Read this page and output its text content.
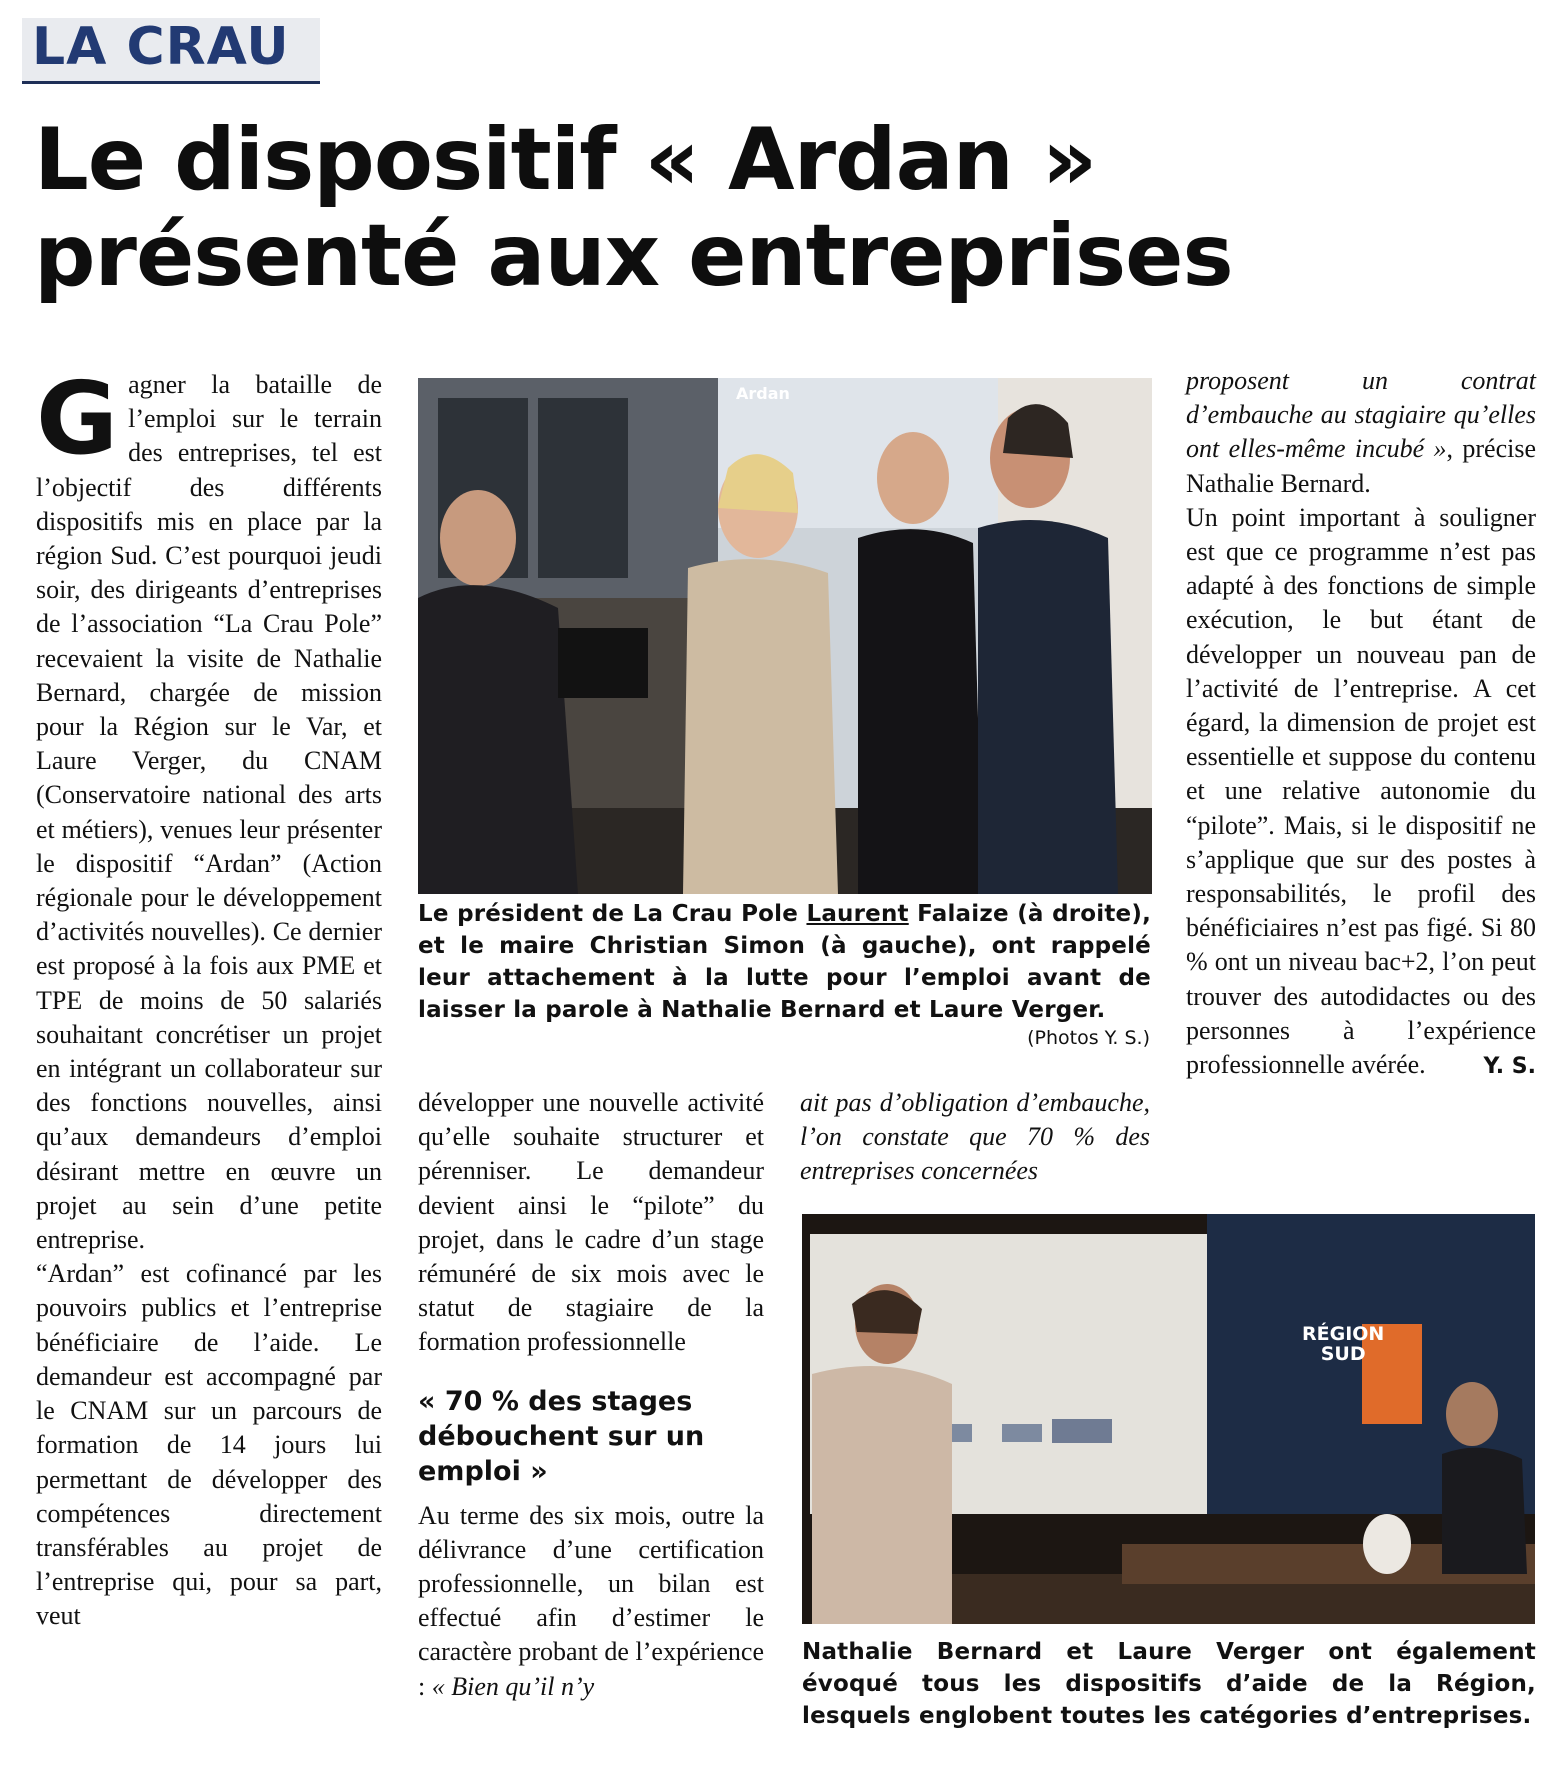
LA CRAU
Le dispositif « Ardan »
présenté aux entreprises

Gagner la bataille de l’emploi sur le terrain des entreprises, tel est l’objectif des différents dispositifs mis en place par la région Sud. C’est pourquoi jeudi soir, des dirigeants d’entreprises de l’association “La Crau Pole” recevaient la visite de Nathalie Bernard, chargée de mission pour la Région sur le Var, et Laure Verger, du CNAM (Conservatoire national des arts et métiers), venues leur présenter le dispositif “Ardan” (Action régionale pour le développement d’activités nouvelles). Ce dernier est proposé à la fois aux PME et TPE de moins de 50 salariés souhaitant concrétiser un projet en intégrant un collaborateur sur des fonctions nouvelles, ainsi qu’aux demandeurs d’emploi désirant mettre en œuvre un projet au sein d’une petite entreprise.

“Ardan” est cofinancé par les pouvoirs publics et l’entreprise bénéficiaire de l’aide. Le demandeur est accompagné par le CNAM sur un parcours de formation de 14 jours lui permettant de développer des compétences directement transférables au projet de l’entreprise qui, pour sa part, veut

Ardan
Le président de La Crau Pole Laurent Falaize (à droite), et le maire Christian Simon (à gauche), ont rappelé leur attachement à la lutte pour l’emploi avant de laisser la parole à Nathalie Bernard et Laure Verger.
(Photos Y. S.)

développer une nouvelle activité qu’elle souhaite structurer et pérenniser. Le demandeur devient ainsi le “pilote” du projet, dans le cadre d’un stage rémunéré de six mois avec le statut de stagiaire de la formation professionnelle

« 70 % des stages débouchent sur un emploi »

Au terme des six mois, outre la délivrance d’une certification professionnelle, un bilan est effectué afin d’estimer le caractère probant de l’expérience : « Bien qu’il n’y

ait pas d’obligation d’embauche, l’on constate que 70 % des entreprises concernées

proposent un contrat d’embauche au stagiaire qu’elles ont elles-même incubé », précise Nathalie Bernard.

Un point important à souligner est que ce programme n’est pas adapté à des fonctions de simple exécution, le but étant de développer un nouveau pan de l’activité de l’entreprise. A cet égard, la dimension de projet est essentielle et suppose du contenu et une relative autonomie du “pilote”. Mais, si le dispositif ne s’applique que sur des postes à responsabilités, le profil des bénéficiaires n’est pas figé. Si 80 % ont un niveau bac+2, l’on peut trouver des autodidactes ou des personnes à l’expérience professionnelle avérée.	Y. S.
RÉGION
SUD
Nathalie Bernard et Laure Verger ont également évoqué tous les dispositifs d’aide de la Région, lesquels englobent toutes les catégories d’entreprises.
